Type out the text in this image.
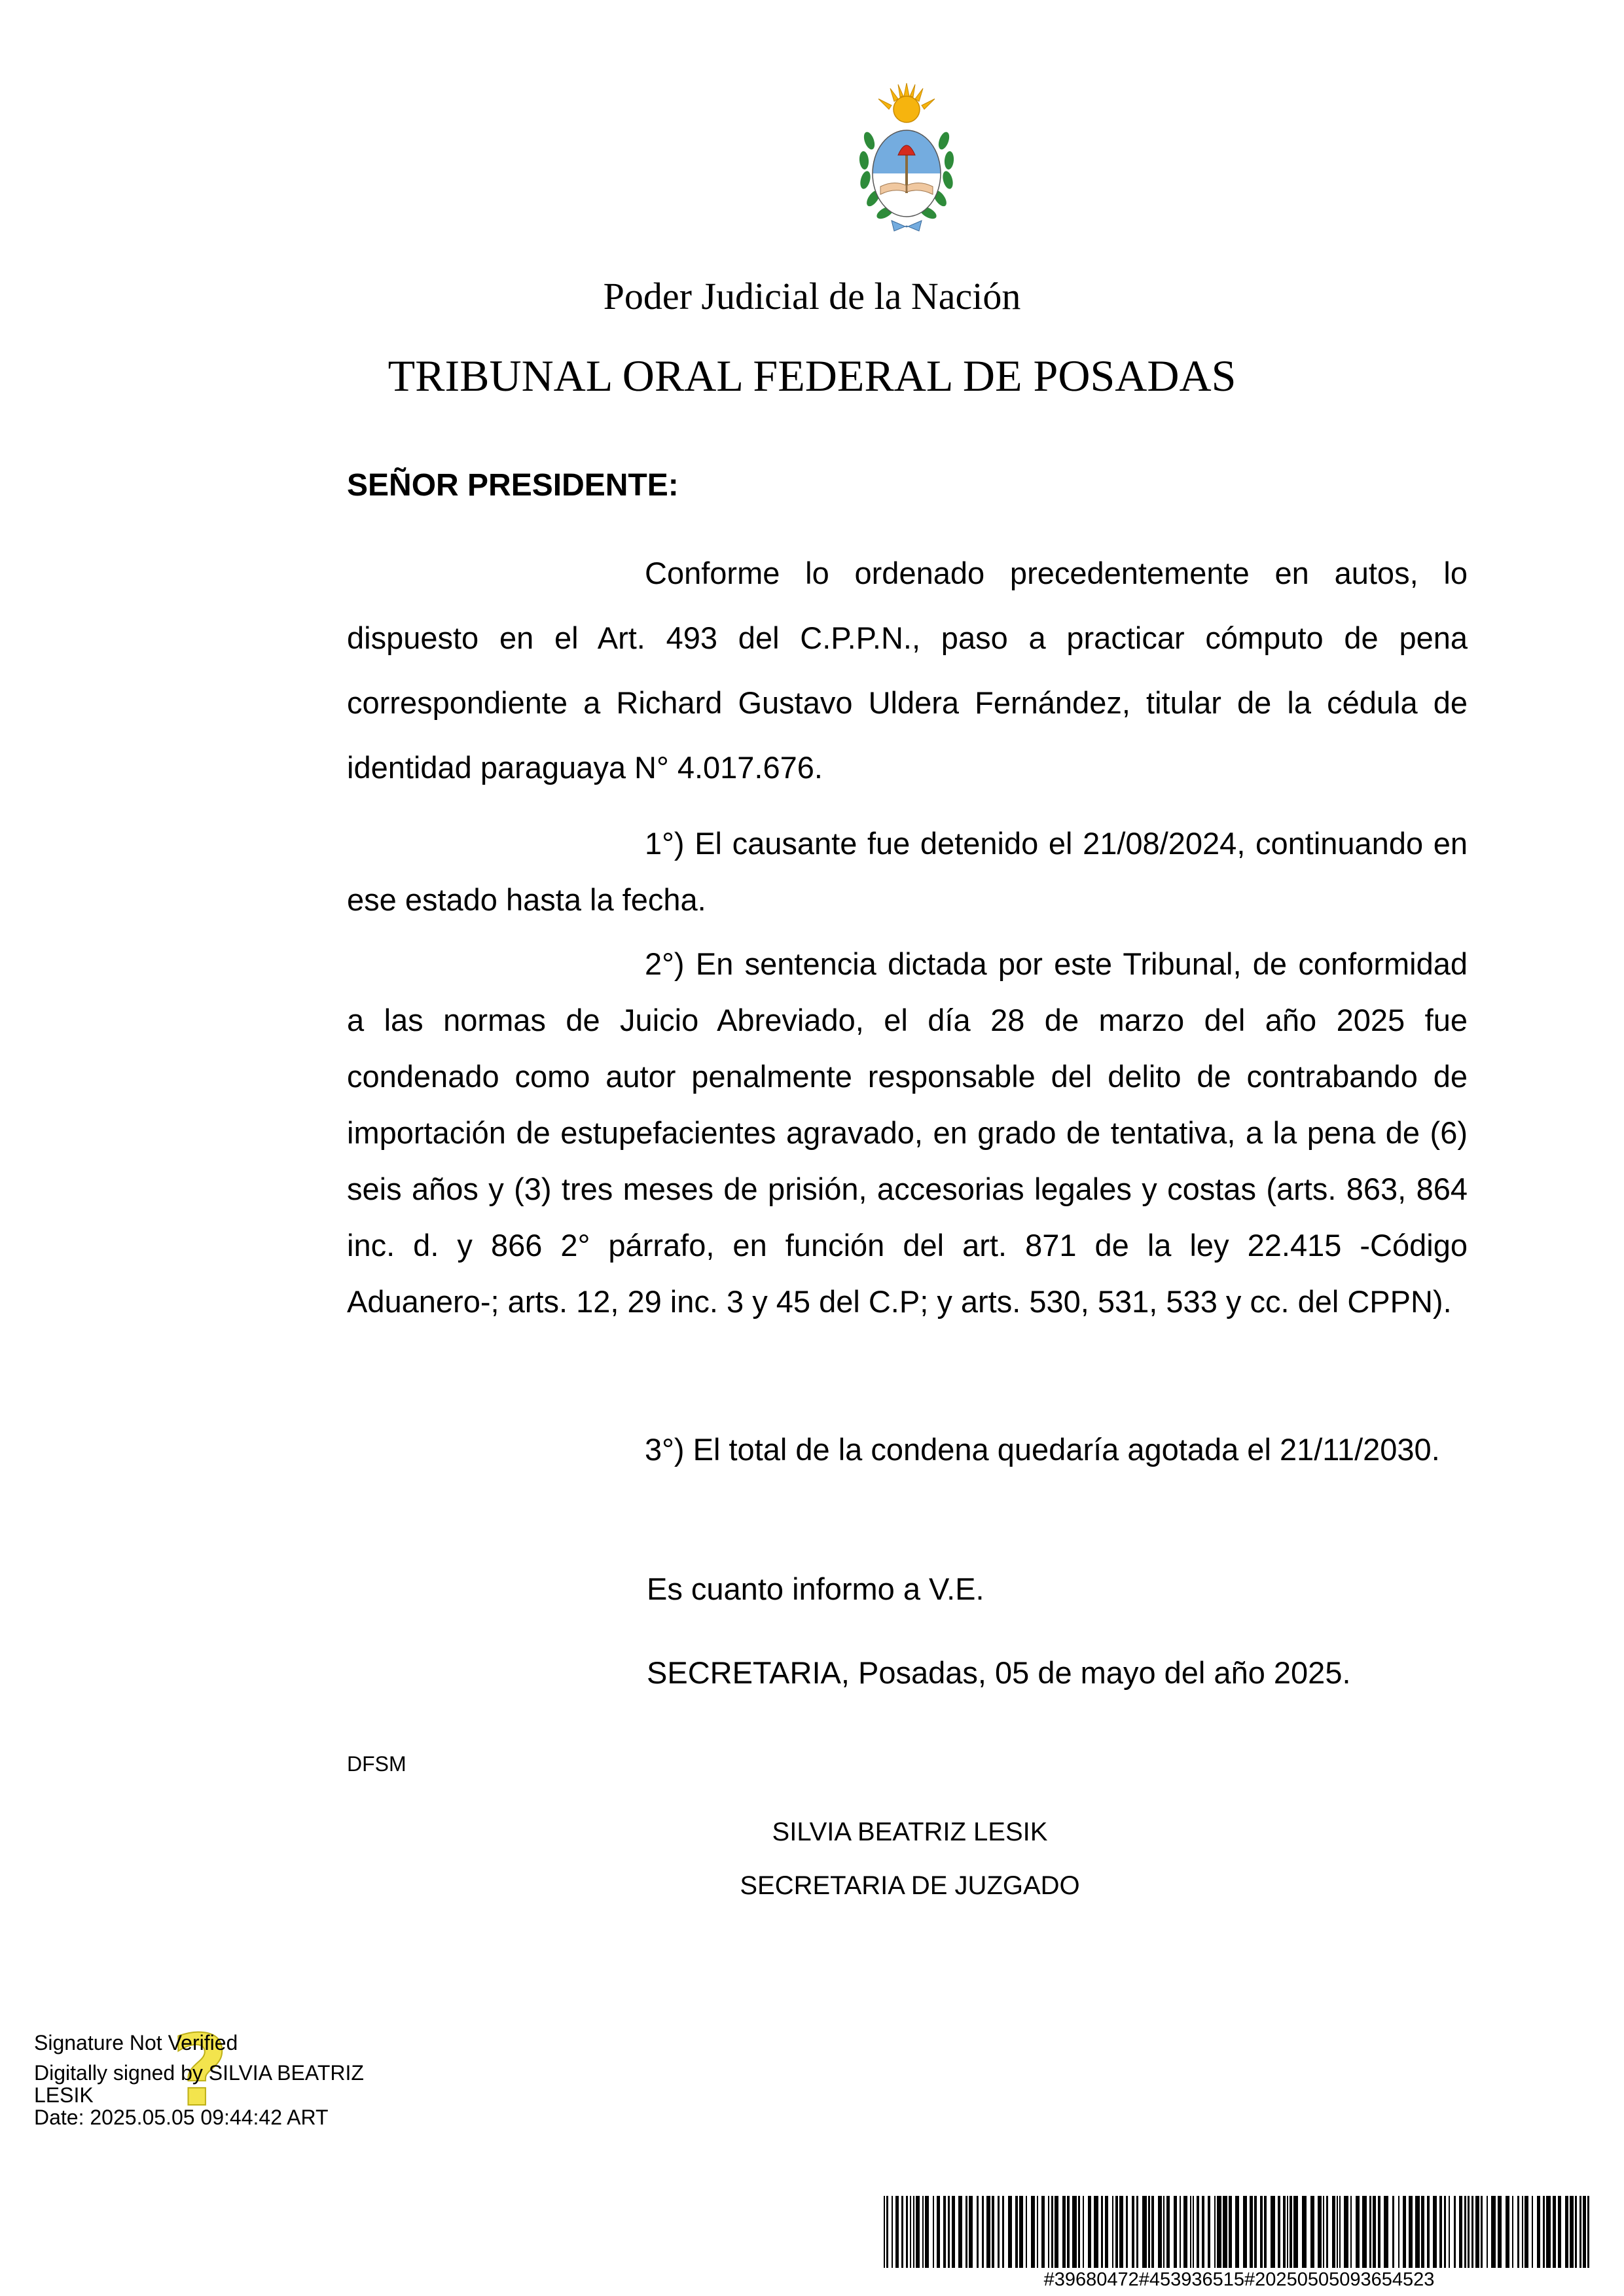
Poder Judicial de la Nación
TRIBUNAL ORAL FEDERAL DE POSADAS
SEÑOR PRESIDENTE:
Conforme lo ordenado precedentemente en autos, lo dispuesto en el Art. 493 del C.P.P.N., paso a practicar cómputo de pena correspondiente a Richard Gustavo Uldera Fernández, titular de la cédula de identidad paraguaya N° 4.017.676.
1°) El causante fue detenido el 21/08/2024, continuando en ese estado hasta la fecha.
2°) En sentencia dictada por este Tribunal, de conformidad a las normas de Juicio Abreviado, el día 28 de marzo del año 2025 fue condenado como autor penalmente responsable del delito de contrabando de importación de estupefacientes agravado, en grado de tentativa, a la pena de (6) seis años y (3) tres meses de prisión, accesorias legales y costas (arts. 863, 864 inc. d. y 866 2° párrafo, en función del art. 871 de la ley 22.415 -Código Aduanero-; arts. 12, 29 inc. 3 y 45 del C.P; y arts. 530, 531, 533 y cc. del CPPN).
3°) El total de la condena quedaría agotada el 21/11/2030.
Es cuanto informo a V.E.
SECRETARIA, Posadas, 05 de mayo del año 2025.
DFSM
SILVIA BEATRIZ LESIK
SECRETARIA DE JUZGADO
?
Signature Not Verified
Digitally signed by SILVIA BEATRIZ
LESIK
Date: 2025.05.05 09:44:42 ART
#39680472#453936515#20250505093654523
